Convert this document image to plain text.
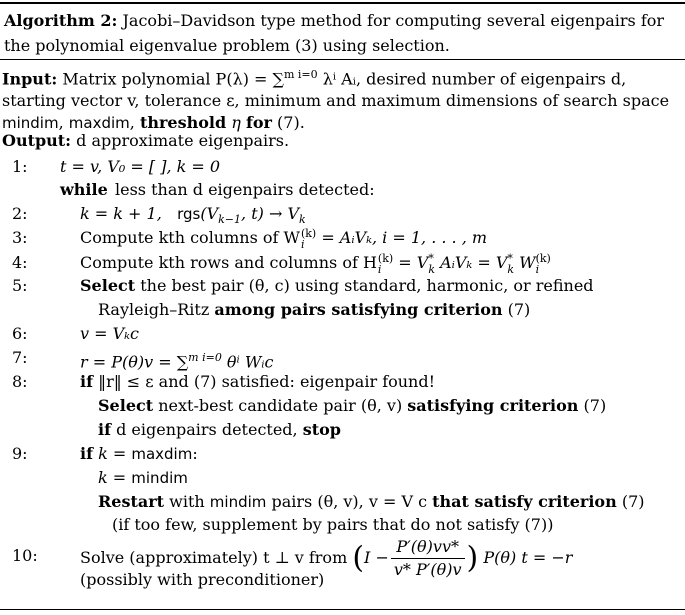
Algorithm 2: Jacobi–Davidson type method for computing several eigenpairs for the polynomial eigenvalue problem (3) using selection.
Input: Matrix polynomial P(λ) = ∑$^{m i=0}$ λⁱ Aᵢ, desired number of eigenpairs d, starting vector v, tolerance ε, minimum and maximum dimensions of search space mindim, maxdim, threshold η for (7).
Output: d approximate eigenpairs.
1: t = v, V₀ = [ ], k = 0
while less than d eigenpairs detected:
2:	k = k + 1, $rgs(V_{k-1}$, $t) \to V_k$
3:	Compute kth columns of W (k)
i	= AᵢVₖ, i = 1, . . . , m
4:	Compute kth rows and columns of H (k)
i	= V *
k AᵢVₖ = V *
k W (k)
i
5:	Select the best pair (θ, c) using standard, harmonic, or refined
Rayleigh–Ritz among pairs satisfying criterion (7)
6:	v = Vₖc
7:	r = P(θ)v = ∑$^{m i=0}$ θⁱ Wᵢc
8:	if ‖r‖ ≤ ε and (7) satisfied: eigenpair found!
Select next-best candidate pair (θ, v) satisfying criterion (7)
if d eigenpairs detected, stop
9:	if k = maxdim:
k = mindim
Restart with mindim pairs (θ, v), v = V c that satisfy criterion (7)
(if too few, supplement by pairs that do not satisfy (7))
10:	Solve (approximately) t ⊥ v from ($I - \frac{P'(\theta)vv*}{v* P'(\theta)v}$ ) P(θ) t = −r
(possibly with preconditioner)
